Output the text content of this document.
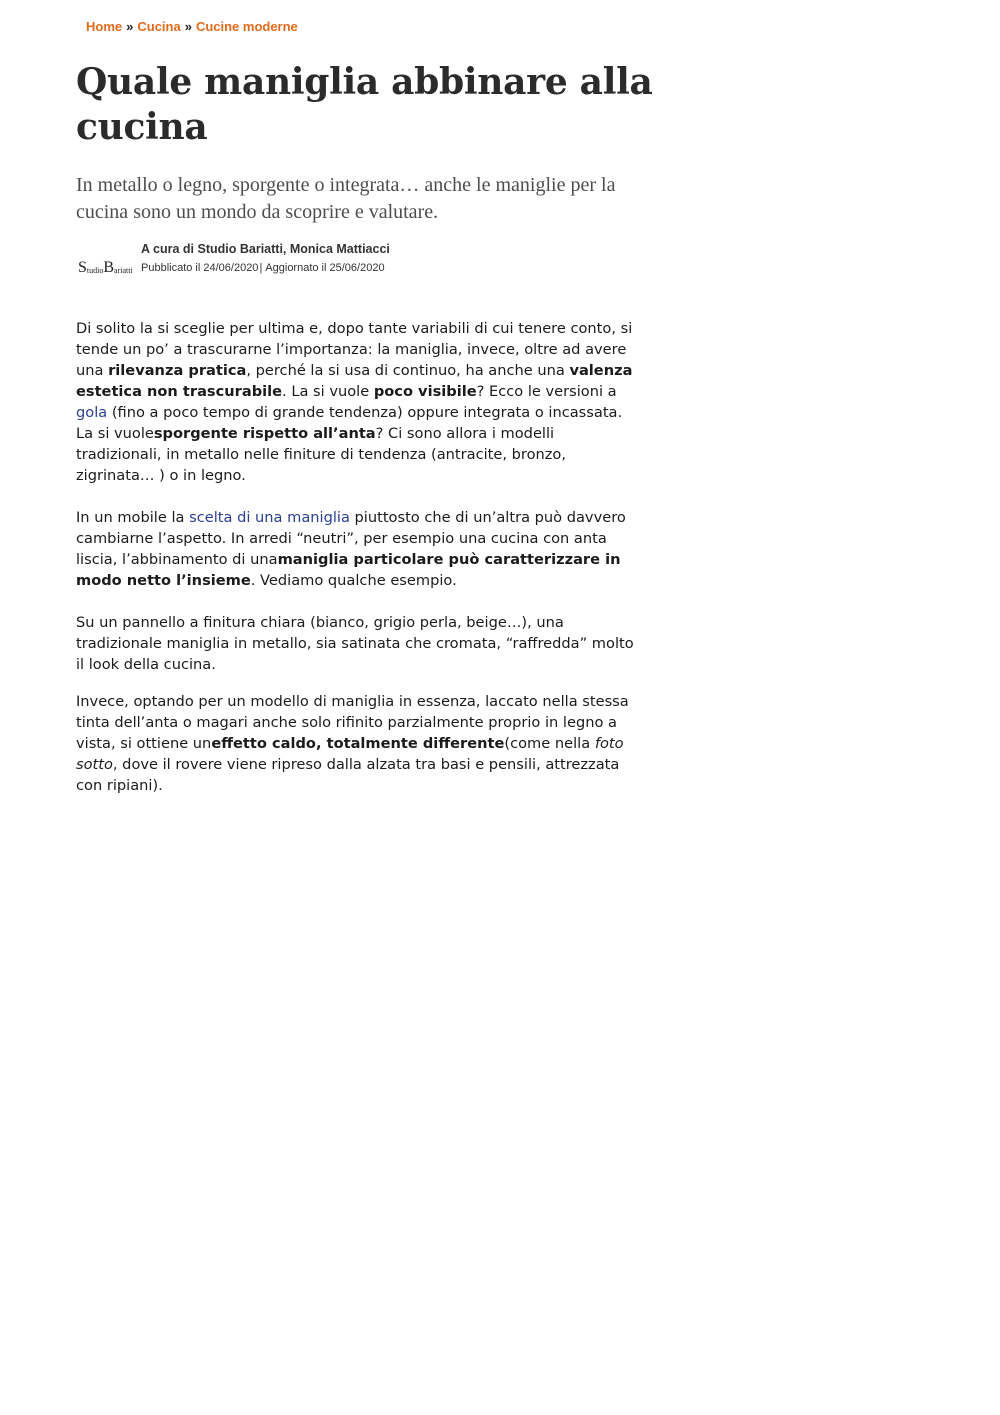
Home » Cucina » Cucine moderne
Quale maniglia abbinare alla cucina

In metallo o legno, sporgente o integrata… anche le maniglie per la cucina sono un mondo da scoprire e valutare.

S tudio B ariatti
A cura di Studio Bariatti, Monica Mattiacci
Pubblicato il 24/06/2020| Aggiornato il 25/06/2020

Di solito la si sceglie per ultima e, dopo tante variabili di cui tenere conto, si tende un po’ a trascurarne l’importanza: la maniglia, invece, oltre ad avere una rilevanza pratica, perché la si usa di continuo, ha anche una valenza estetica non trascurabile. La si vuole poco visibile? Ecco le versioni a gola (fino a poco tempo di grande tendenza) oppure integrata o incassata. La si vuolesporgente rispetto all’anta? Ci sono allora i modelli tradizionali, in metallo nelle finiture di tendenza (antracite, bronzo, zigrinata… ) o in legno.

In un mobile la scelta di una maniglia piuttosto che di un’altra può davvero cambiarne l’aspetto. In arredi “neutri”, per esempio una cucina con anta liscia, l’abbinamento di unamaniglia particolare può caratterizzare in modo netto l’insieme. Vediamo qualche esempio.

Su un pannello a finitura chiara (bianco, grigio perla, beige…), una tradizionale maniglia in metallo, sia satinata che cromata, “raffredda” molto il look della cucina.

Invece, optando per un modello di maniglia in essenza, laccato nella stessa tinta dell’anta o magari anche solo rifinito parzialmente proprio in legno a vista, si ottiene uneffetto caldo, totalmente differente(come nella foto sotto, dove il rovere viene ripreso dalla alzata tra basi e pensili, attrezzata con ripiani).
